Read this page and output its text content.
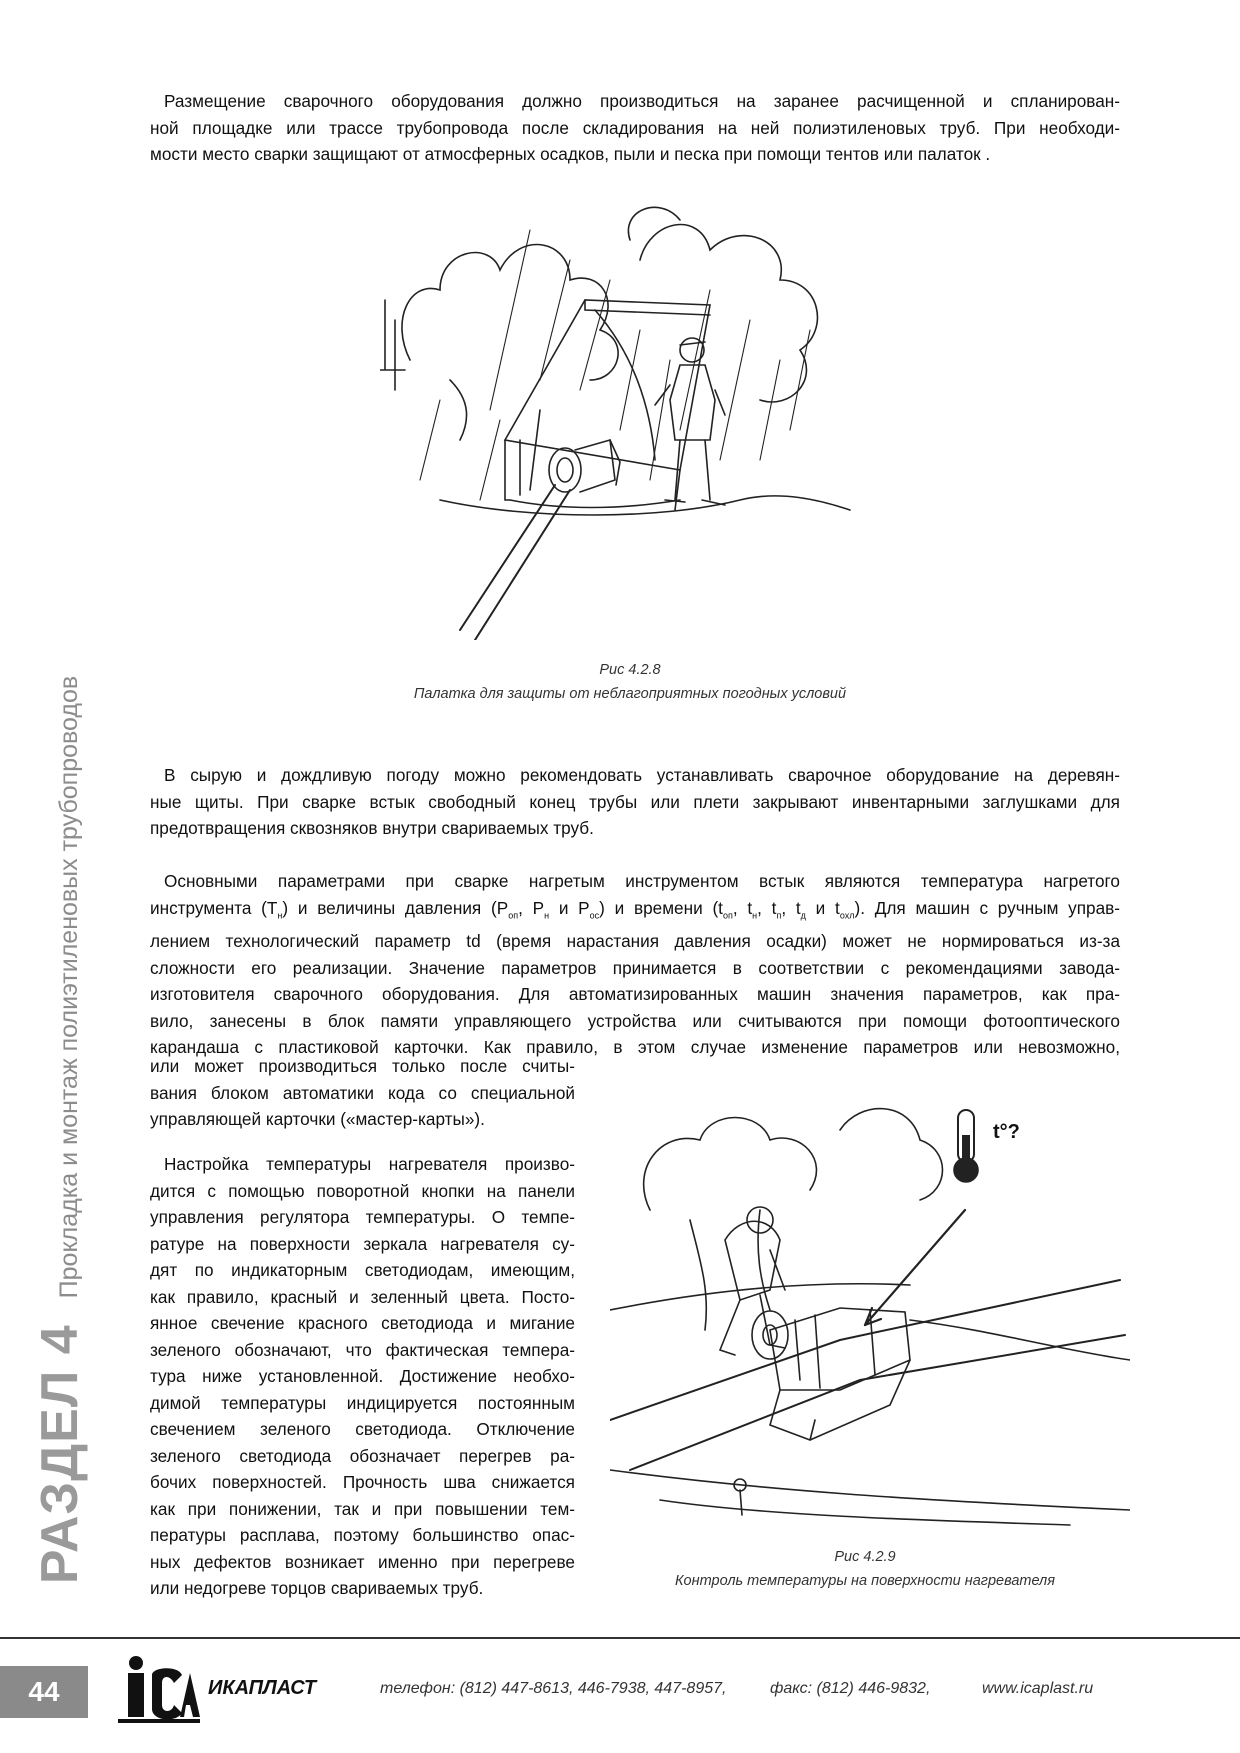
РАЗДЕЛ 4
Прокладка и монтаж полиэтиленовых трубопроводов
Размещение сварочного оборудования должно производиться на заранее расчищенной и спланирован-
ной площадке или трассе трубопровода после складирования на ней полиэтиленовых труб. При необходи-
мости место сварки защищают от атмосферных осадков, пыли и песка при помощи тентов или палаток .
Рис 4.2.8
Палатка для защиты от неблагоприятных погодных условий
В сырую и дождливую погоду можно рекомендовать устанавливать сварочное оборудование на деревян-
ные щиты. При сварке встык свободный конец трубы или плети закрывают инвентарными заглушками для
предотвращения сквозняков внутри свариваемых труб.
Основными параметрами при сварке нагретым инструментом встык являются температура нагретого
инструмента $(Т_н)$ и величины давления ($Р_{оп}$, $Р_н$ и $Р_{ос}$) и времени ($t_{оп}$, $t_н$, $t_п$, $t_д$ и $t_{охл}$). Для машин с ручным управ-
лением технологический параметр td (время нарастания давления осадки) может не нормироваться из-за
сложности его реализации. Значение параметров принимается в соответствии с рекомендациями завода-
изготовителя сварочного оборудования. Для автоматизированных машин значения параметров, как пра-
вило, занесены в блок памяти управляющего устройства или считываются при помощи фотооптического
карандаша с пластиковой карточки. Как правило, в этом случае изменение параметров или невозможно,
или может производиться только после считы-
вания блоком автоматики кода со специальной
управляющей карточки («мастер-карты»).
Настройка температуры нагревателя произво-
дится с помощью поворотной кнопки на панели
управления регулятора температуры. О темпе-
ратуре на поверхности зеркала нагревателя су-
дят по индикаторным светодиодам, имеющим,
как правило, красный и зеленный цвета. Посто-
янное свечение красного светодиода и мигание
зеленого обозначают, что фактическая темпера-
тура ниже установленной. Достижение необхо-
димой температуры индицируется постоянным
свечением зеленого светодиода. Отключение
зеленого светодиода обозначает перегрев ра-
бочих поверхностей. Прочность шва снижается
как при понижении, так и при повышении тем-
пературы расплава, поэтому большинство опас-
ных дефектов возникает именно при перегреве
или недогреве торцов свариваемых труб.
t°?
Рис 4.2.9
Контроль температуры на поверхности нагревателя
44	ИКАПЛАСТ	телефон: (812) 447-8613, 446-7938, 447-8957,	факс: (812) 446-9832,	www.icaplast.ru
